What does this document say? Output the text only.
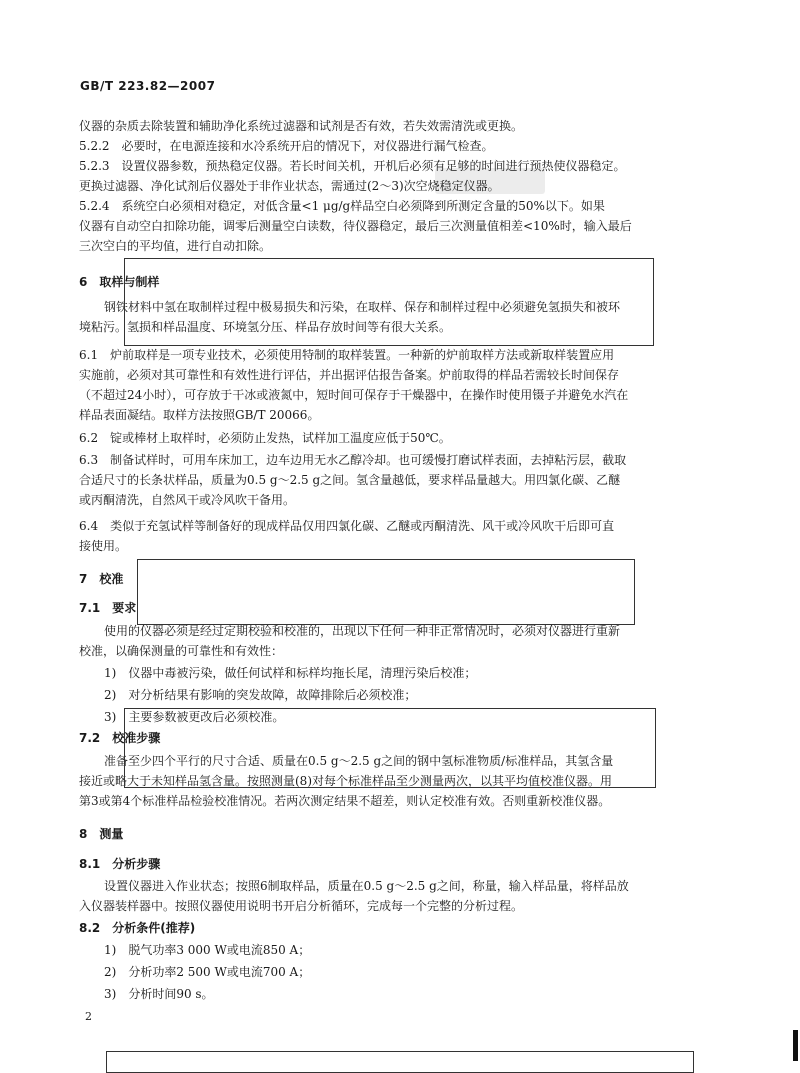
GB/T 223.82—2007
仪器的杂质去除装置和辅助净化系统过滤器和试剂是否有效，若失效需清洗或更换。
5.2.2　必要时，在电源连接和水冷系统开启的情况下，对仪器进行漏气检查。
5.2.3　设置仪器参数，预热稳定仪器。若长时间关机，开机后必须有足够的时间进行预热使仪器稳定。
更换过滤器、净化试剂后仪器处于非作业状态，需通过(2～3)次空烧稳定仪器。
5.2.4　系统空白必须相对稳定，对低含量<1 μg/g样品空白必须降到所测定含量的50%以下。如果
仪器有自动空白扣除功能，调零后测量空白读数，待仪器稳定，最后三次测量值相差<10%时，输入最后
三次空白的平均值，进行自动扣除。
6　取样与制样
钢铁材料中氢在取制样过程中极易损失和污染，在取样、保存和制样过程中必须避免氢损失和被环
境粘污。氢损和样品温度、环境氢分压、样品存放时间等有很大关系。
6.1　炉前取样是一项专业技术，必须使用特制的取样装置。一种新的炉前取样方法或新取样装置应用
实施前，必须对其可靠性和有效性进行评估，并出据评估报告备案。炉前取得的样品若需较长时间保存
（不超过24小时），可存放于干冰或液氮中，短时间可保存于干燥器中，在操作时使用镊子并避免水汽在
样品表面凝结。取样方法按照GB/T 20066。
6.2　锭或棒材上取样时，必须防止发热，试样加工温度应低于50℃。
6.3　制备试样时，可用车床加工，边车边用无水乙醇冷却。也可缓慢打磨试样表面，去掉粘污层，截取
合适尺寸的长条状样品，质量为0.5 g～2.5 g之间。氢含量越低，要求样品量越大。用四氯化碳、乙醚
或丙酮清洗，自然风干或冷风吹干备用。
6.4　类似于充氢试样等制备好的现成样品仅用四氯化碳、乙醚或丙酮清洗、风干或冷风吹干后即可直
接使用。
7　校准
7.1　要求
使用的仪器必须是经过定期校验和校准的，出现以下任何一种非正常情况时，必须对仪器进行重新
校准，以确保测量的可靠性和有效性：
1)　仪器中毒被污染，做任何试样和标样均拖长尾，清理污染后校准；
2)　对分析结果有影响的突发故障，故障排除后必须校准；
3)　主要参数被更改后必须校准。
7.2　校准步骤
准备至少四个平行的尺寸合适、质量在0.5 g～2.5 g之间的钢中氢标准物质/标准样品，其氢含量
接近或略大于未知样品氢含量。按照测量(8)对每个标准样品至少测量两次，以其平均值校准仪器。用
第3或第4个标准样品检验校准情况。若两次测定结果不超差，则认定校准有效。否则重新校准仪器。
8　测量
8.1　分析步骤
设置仪器进入作业状态；按照6制取样品，质量在0.5 g～2.5 g之间，称量，输入样品量，将样品放
入仪器装样器中。按照仪器使用说明书开启分析循环，完成每一个完整的分析过程。
8.2　分析条件(推荐)
1)　脱气功率3 000 W或电流850 A；
2)　分析功率2 500 W或电流700 A；
3)　分析时间90 s。
2
